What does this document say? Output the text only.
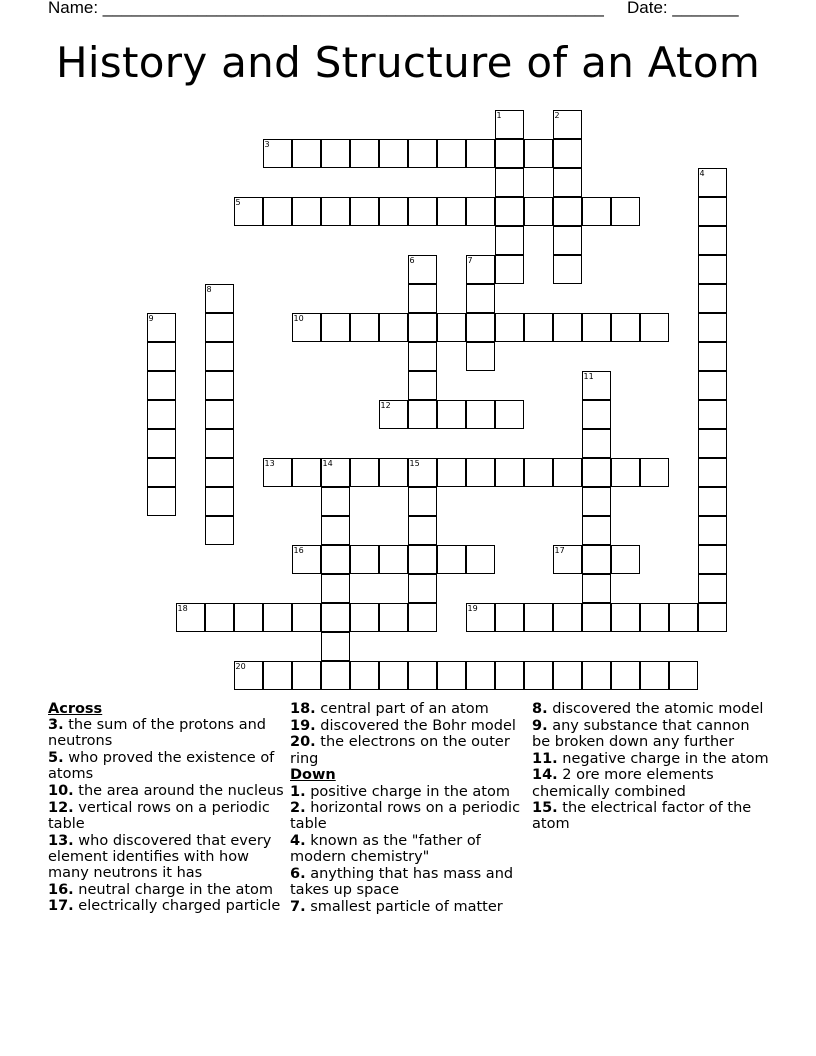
Name: _____________________________________________________ Date: _______
History and Structure of an Atom
1	2
3
4
5
6	7
8
9	10
11
12
13	14	15
16	17
18	19
20
Across
3. the sum of the protons and neutrons
5. who proved the existence of atoms
10. the area around the nucleus
12. vertical rows on a periodic table
13. who discovered that every element identifies with how many neutrons it has
16. neutral charge in the atom
17. electrically charged particle
18. central part of an atom
19. discovered the Bohr model
20. the electrons on the outer ring
Down
1. positive charge in the atom
2. horizontal rows on a periodic table
4. known as the "father of modern chemistry"
6. anything that has mass and takes up space
7. smallest particle of matter
8. discovered the atomic model
9. any substance that cannon be broken down any further
11. negative charge in the atom
14. 2 ore more elements chemically combined
15. the electrical factor of the atom
